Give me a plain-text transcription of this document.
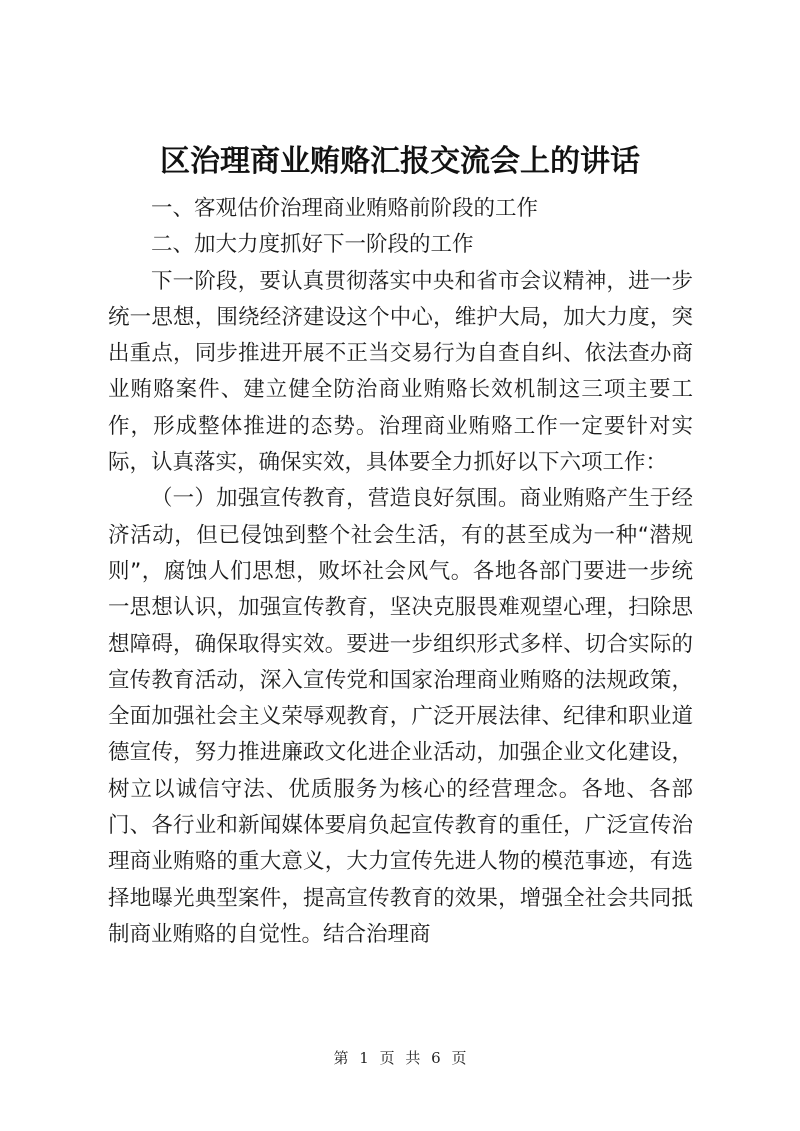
区治理商业贿赂汇报交流会上的讲话

一、客观估价治理商业贿赂前阶段的工作

二、加大力度抓好下一阶段的工作

下一阶段，要认真贯彻落实中央和省市会议精神，进一步统一思想，围绕经济建设这个中心，维护大局，加大力度，突出重点，同步推进开展不正当交易行为自查自纠、依法查办商业贿赂案件、建立健全防治商业贿赂长效机制这三项主要工作，形成整体推进的态势。治理商业贿赂工作一定要针对实际，认真落实，确保实效，具体要全力抓好以下六项工作：

（一）加强宣传教育，营造良好氛围。商业贿赂产生于经济活动，但已侵蚀到整个社会生活，有的甚至成为一种“潜规则”，腐蚀人们思想，败坏社会风气。各地各部门要进一步统一思想认识，加强宣传教育，坚决克服畏难观望心理，扫除思想障碍，确保取得实效。要进一步组织形式多样、切合实际的宣传教育活动，深入宣传党和国家治理商业贿赂的法规政策，全面加强社会主义荣辱观教育，广泛开展法律、纪律和职业道德宣传，努力推进廉政文化进企业活动，加强企业文化建设，树立以诚信守法、优质服务为核心的经营理念。各地、各部门、各行业和新闻媒体要肩负起宣传教育的重任，广泛宣传治理商业贿赂的重大意义，大力宣传先进人物的模范事迹，有选择地曝光典型案件，提高宣传教育的效果，增强全社会共同抵制商业贿赂的自觉性。结合治理商

第 1 页 共 6 页
